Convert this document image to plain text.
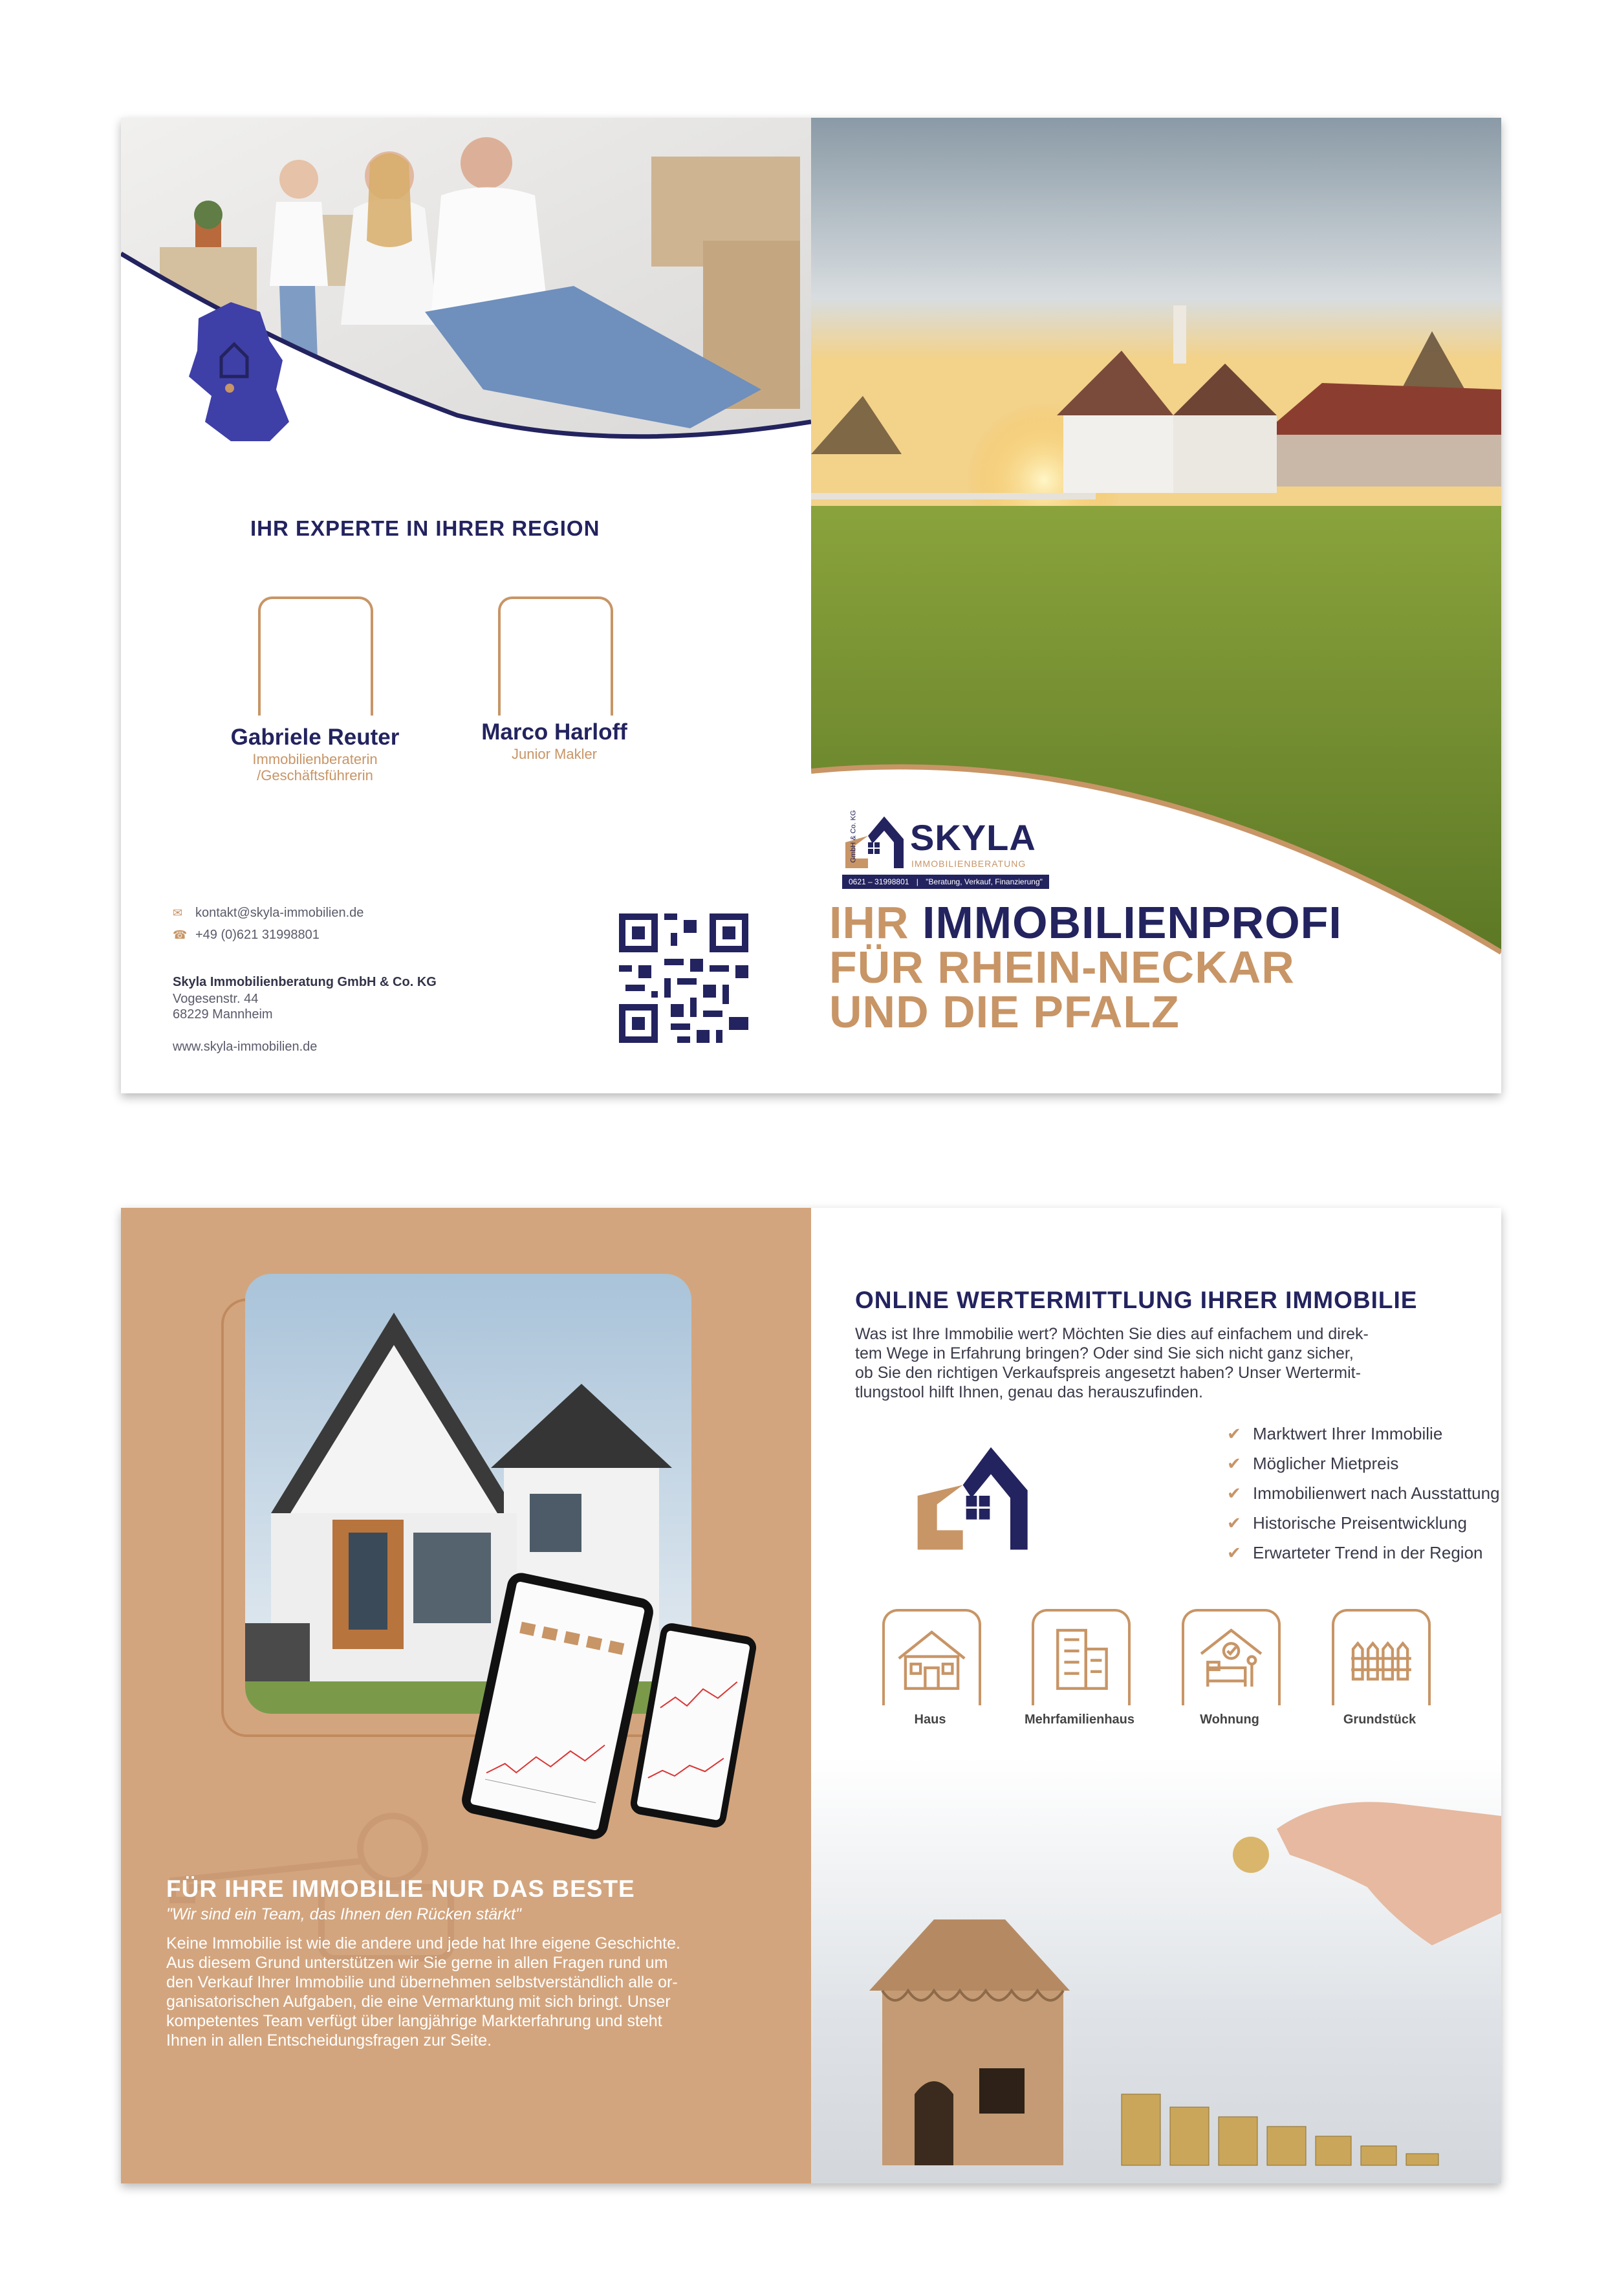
IHR EXPERTE IN IHRER REGION
Gabriele Reuter
Immobilienberaterin
/Geschäftsführerin
Marco Harloff
Junior Makler
✉ kontakt@skyla-immobilien.de
☎ +49 (0)621 31998801
Skyla Immobilienberatung GmbH & Co. KG
Vogesenstr. 44
68229 Mannheim
www.skyla-immobilien.de
GmbH & Co. KG SKYLA
IMMOBILIENBERATUNG
0621 – 31998801 | "Beratung, Verkauf, Finanzierung"
IHR IMMOBILIENPROFI
FÜR RHEIN-NECKAR
UND DIE PFALZ
FÜR IHRE IMMOBILIE NUR DAS BESTE
"Wir sind ein Team, das Ihnen den Rücken stärkt"
Keine Immobilie ist wie die andere und jede hat Ihre eigene Geschichte.
Aus diesem Grund unterstützen wir Sie gerne in allen Fragen rund um
den Verkauf Ihrer Immobilie und übernehmen selbstverständlich alle or-
ganisatorischen Aufgaben, die eine Vermarktung mit sich bringt. Unser
kompetentes Team verfügt über langjährige Markterfahrung und steht
Ihnen in allen Entscheidungsfragen zur Seite.
ONLINE WERTERMITTLUNG IHRER IMMOBILIE
Was ist Ihre Immobilie wert? Möchten Sie dies auf einfachem und direk-
tem Wege in Erfahrung bringen? Oder sind Sie sich nicht ganz sicher,
ob Sie den richtigen Verkaufspreis angesetzt haben? Unser Wertermit-
tlungstool hilft Ihnen, genau das herauszufinden.
✔ Marktwert Ihrer Immobilie
✔ Möglicher Mietpreis
✔ Immobilienwert nach Ausstattung
✔ Historische Preisentwicklung
✔ Erwarteter Trend in der Region
Haus	Mehrfamilienhaus	Wohnung	Grundstück
